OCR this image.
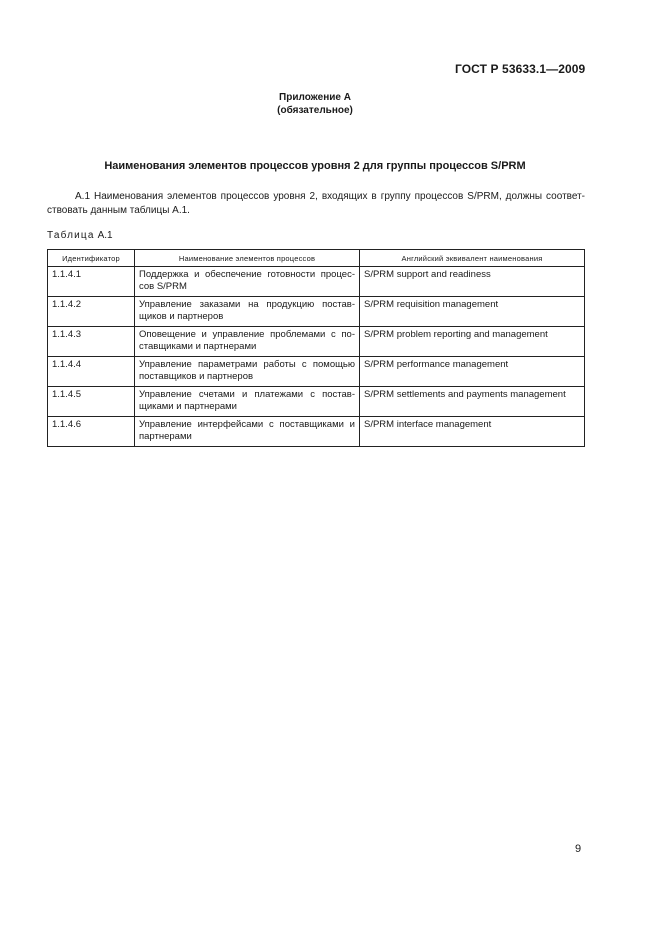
ГОСТ Р 53633.1—2009
Приложение А
(обязательное)
Наименования элементов процессов уровня 2 для группы процессов S/PRM
А.1 Наименования элементов процессов уровня 2, входящих в группу процессов S/PRM, должны соответ-ствовать данным таблицы А.1.
Таблица А.1
Идентификатор	Наименование элементов процессов	Английский эквивалент наименования
1.1.4.1	Поддержка и обеспечение готовности процес-сов S/PRM	S/PRM support and readiness
1.1.4.2	Управление заказами на продукцию постав-щиков и партнеров	S/PRM requisition management
1.1.4.3	Оповещение и управление проблемами с по-ставщиками и партнерами	S/PRM problem reporting and management
1.1.4.4	Управление параметрами работы с помощью поставщиков и партнеров	S/PRM performance management
1.1.4.5	Управление счетами и платежами с постав-щиками и партнерами	S/PRM settlements and payments management
1.1.4.6	Управление интерфейсами с поставщиками и партнерами	S/PRM interface management
9
